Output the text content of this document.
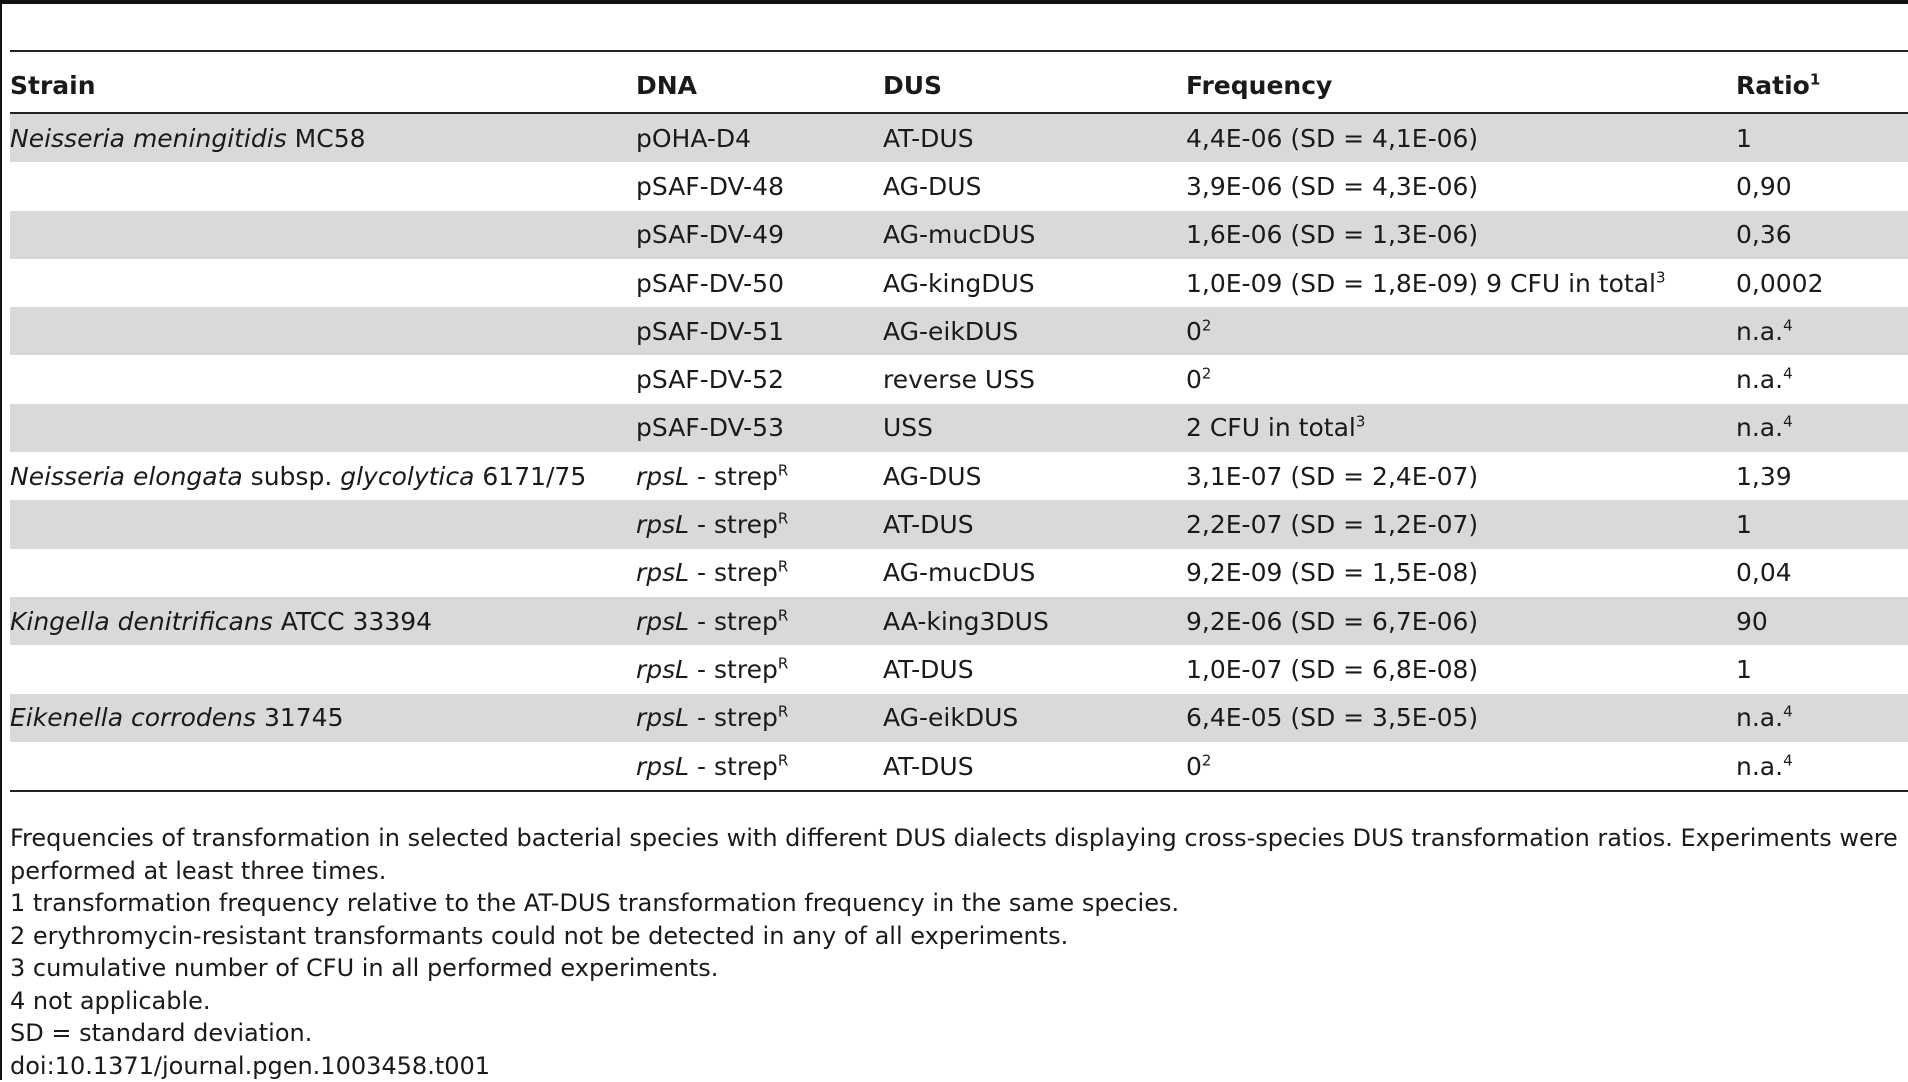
Strain	DNA	DUS	Frequency	Ratio$^1$
Neisseria meningitidis MC58	pOHA-D4	AT-DUS	4,4E-06 (SD = 4,1E-06)	1
	pSAF-DV-48	AG-DUS	3,9E-06 (SD = 4,3E-06)	0,90
	pSAF-DV-49	AG-mucDUS	1,6E-06 (SD = 1,3E-06)	0,36
	pSAF-DV-50	AG-kingDUS	1,0E-09 (SD = 1,8E-09) 9 CFU in total$^3$	0,0002
	pSAF-DV-51	AG-eikDUS	$0^2$	n.a.$^4$
	pSAF-DV-52	reverse USS	$0^2$	n.a.$^4$
	pSAF-DV-53	USS	2 CFU in total$^3$	n.a.$^4$
Neisseria elongata subsp. glycolytica 6171/75	rpsL - strep$^R$	AG-DUS	3,1E-07 (SD = 2,4E-07)	1,39
	rpsL - strep$^R$	AT-DUS	2,2E-07 (SD = 1,2E-07)	1
	rpsL - strep$^R$	AG-mucDUS	9,2E-09 (SD = 1,5E-08)	0,04
Kingella denitrificans ATCC 33394	rpsL - strep$^R$	AA-king3DUS	9,2E-06 (SD = 6,7E-06)	90
	rpsL - strep$^R$	AT-DUS	1,0E-07 (SD = 6,8E-08)	1
Eikenella corrodens 31745	rpsL - strep$^R$	AG-eikDUS	6,4E-05 (SD = 3,5E-05)	n.a.$^4$
	rpsL - strep$^R$	AT-DUS	$0^2$	n.a.$^4$

Frequencies of transformation in selected bacterial species with different DUS dialects displaying cross-species DUS transformation ratios. Experiments were performed at least three times.

1 transformation frequency relative to the AT-DUS transformation frequency in the same species.

2 erythromycin-resistant transformants could not be detected in any of all experiments.

3 cumulative number of CFU in all performed experiments.

4 not applicable.

SD = standard deviation.

doi:10.1371/journal.pgen.1003458.t001
